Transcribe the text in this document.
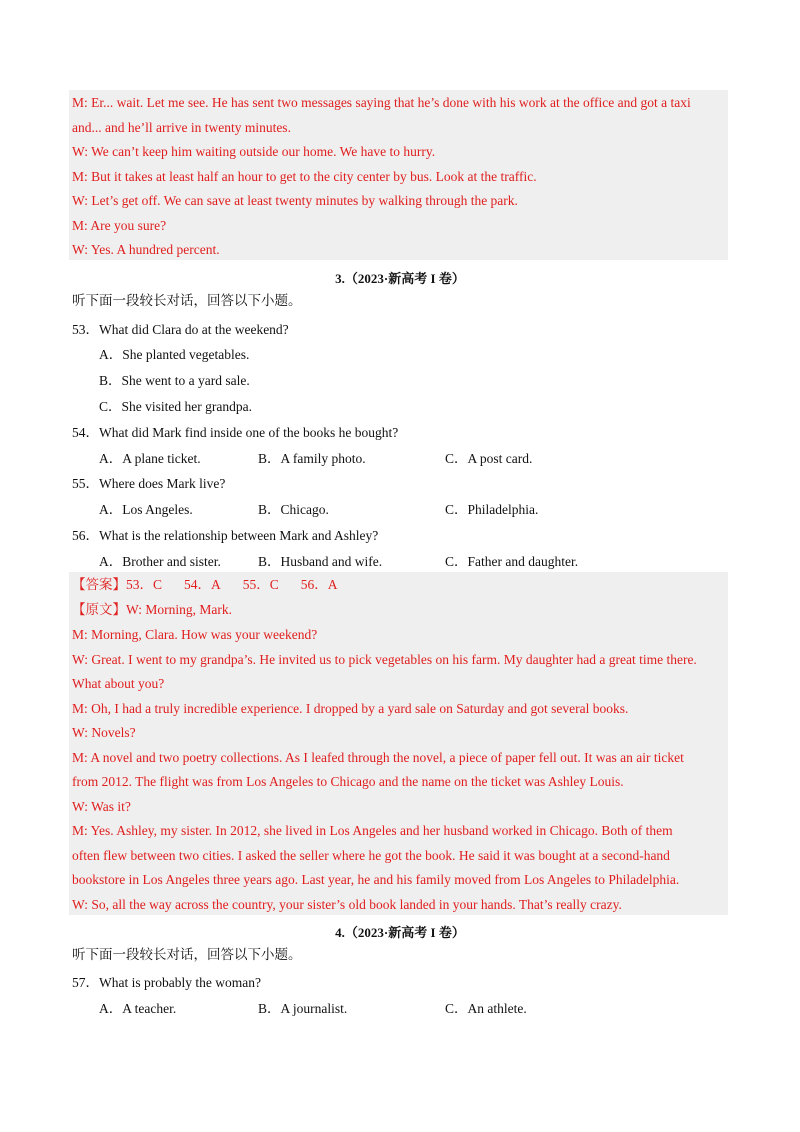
M: Er... wait. Let me see. He has sent two messages saying that he’s done with his work at the office and got a taxi
and... and he’ll arrive in twenty minutes.
W: We can’t keep him waiting outside our home. We have to hurry.
M: But it takes at least half an hour to get to the city center by bus. Look at the traffic.
W: Let’s get off. We can save at least twenty minutes by walking through the park.
M: Are you sure?
W: Yes. A hundred percent.
3.（2023·新高考 I 卷）
听下面一段较长对话，回答以下小题。
53．What did Clara do at the weekend?
A．She planted vegetables.
B．She went to a yard sale.
C．She visited her grandpa.
54．What did Mark find inside one of the books he bought?
A．A plane ticket.	B．A family photo.	C．A post card.
55．Where does Mark live?
A．Los Angeles.	B．Chicago.	C．Philadelphia.
56．What is the relationship between Mark and Ashley?
A．Brother and sister.	B．Husband and wife.	C．Father and daughter.
【答案】53．C 54．A 55．C 56．A
【原文】W: Morning, Mark.
M: Morning, Clara. How was your weekend?
W: Great. I went to my grandpa’s. He invited us to pick vegetables on his farm. My daughter had a great time there.
What about you?
M: Oh, I had a truly incredible experience. I dropped by a yard sale on Saturday and got several books.
W: Novels?
M: A novel and two poetry collections. As I leafed through the novel, a piece of paper fell out. It was an air ticket
from 2012. The flight was from Los Angeles to Chicago and the name on the ticket was Ashley Louis.
W: Was it?
M: Yes. Ashley, my sister. In 2012, she lived in Los Angeles and her husband worked in Chicago. Both of them
often flew between two cities. I asked the seller where he got the book. He said it was bought at a second-hand
bookstore in Los Angeles three years ago. Last year, he and his family moved from Los Angeles to Philadelphia.
W: So, all the way across the country, your sister’s old book landed in your hands. That’s really crazy.
4.（2023·新高考 I 卷）
听下面一段较长对话，回答以下小题。
57．What is probably the woman?
A．A teacher.	B．A journalist.	C．An athlete.
